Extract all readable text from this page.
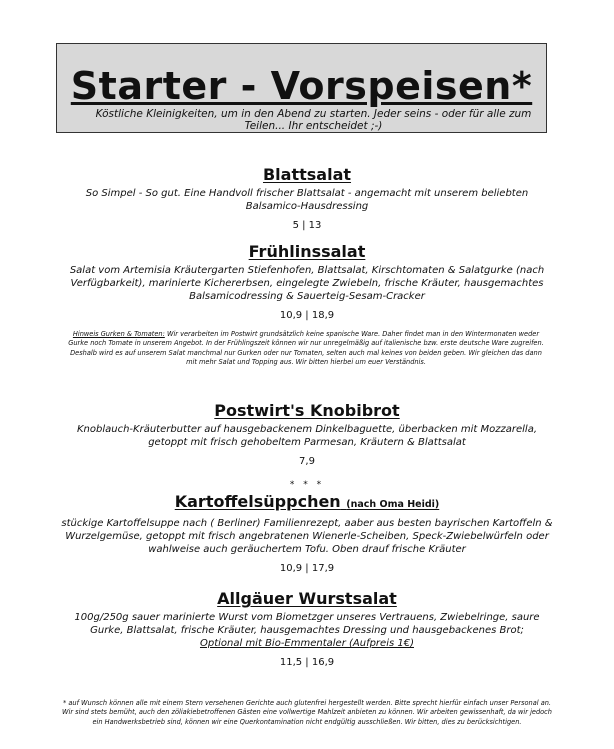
Starter - Vorspeisen*
Köstliche Kleinigkeiten, um in den Abend zu starten. Jeder seins - oder für alle zum Teilen... Ihr entscheidet ;-)
Blattsalat
So Simpel - So gut. Eine Handvoll frischer Blattsalat - angemacht mit unserem beliebten Balsamico-Hausdressing
5 | 13
Frühlinssalat
Salat vom Artemisia Kräutergarten Stiefenhofen, Blattsalat, Kirschtomaten & Salatgurke (nach Verfügbarkeit), marinierte Kichererbsen, eingelegte Zwiebeln, frische Kräuter, hausgemachtes Balsamicodressing & Sauerteig-Sesam-Cracker
10,9 | 18,9
Hinweis Gurken & Tomaten: Wir verarbeiten im Postwirt grundsätzlich keine spanische Ware. Daher findet man in den Wintermonaten weder Gurke noch Tomate in unserem Angebot. In der Frühlingszeit können wir nur unregelmäßig auf italienische bzw. erste deutsche Ware zugreifen. Deshalb wird es auf unserem Salat manchmal nur Gurken oder nur Tomaten, selten auch mal keines von beiden geben. Wir gleichen das dann mit mehr Salat und Topping aus. Wir bitten hierbei um euer Verständnis.
Postwirt's Knobibrot
Knoblauch-Kräuterbutter auf hausgebackenem Dinkelbaguette, überbacken mit Mozzarella, getoppt mit frisch gehobeltem Parmesan, Kräutern & Blattsalat
7,9
* * *
Kartoffelsüppchen (nach Oma Heidi)
stückige Kartoffelsuppe nach ( Berliner) Familienrezept, aaber aus besten bayrischen Kartoffeln & Wurzelgemüse, getoppt mit frisch angebratenen Wienerle-Scheiben, Speck-Zwiebelwürfeln oder wahlweise auch geräuchertem Tofu. Oben drauf frische Kräuter
10,9 | 17,9
Allgäuer Wurstsalat
100g/250g sauer marinierte Wurst vom Biometzger unseres Vertrauens, Zwiebelringe, saure Gurke, Blattsalat, frische Kräuter, hausgemachtes Dressing und hausgebackenes Brot;
Optional mit Bio-Emmentaler (Aufpreis 1€)
11,5 | 16,9
* auf Wunsch können alle mit einem Stern versehenen Gerichte auch glutenfrei hergestellt werden. Bitte sprecht hierfür einfach unser Personal an. Wir sind stets bemüht, auch den zöliakiebetroffenen Gästen eine vollwertige Mahlzeit anbieten zu können. Wir arbeiten gewissenhaft, da wir jedoch ein Handwerksbetrieb sind, können wir eine Querkontamination nicht endgültig ausschließen. Wir bitten, dies zu berücksichtigen.
